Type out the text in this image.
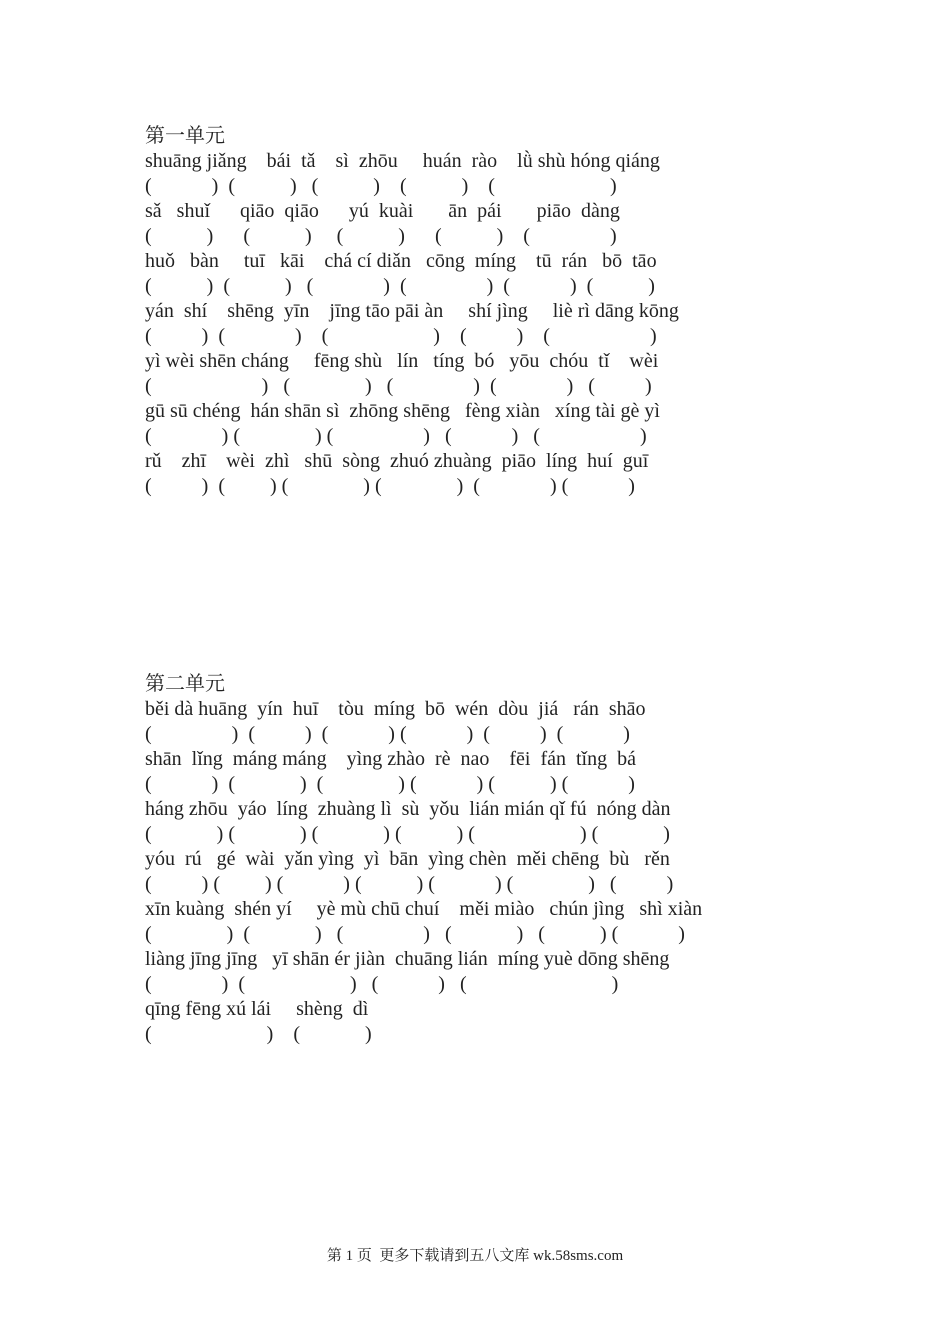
第一单元
shuāng jiǎng    bái  tǎ    sì  zhōu     huán  rào    lǜ shù hóng qiáng
(            )  (           )   (           )    (           )    (                       )
sǎ   shuǐ      qiāo  qiāo      yú  kuài       ān  pái       piāo  dàng
(           )      (           )     (           )      (           )    (                )
huǒ   bàn     tuī   kāi    chá cí diǎn   cōng  míng    tū  rán   bō  tāo
(           )  (           )   (              )  (                )  (            )  (           )
yán  shí    shēng  yīn    jīng tāo pāi àn     shí jìng     liè rì dāng kōng
(          )  (              )    (                     )    (          )    (                    )
yì wèi shēn cháng     fēng shù   lín   tíng  bó   yōu  chóu  tǐ    wèi
(                      )   (               )   (                )  (              )   (          )
gū sū chéng  hán shān sì  zhōng shēng   fèng xiàn   xíng tài gè yì
(              ) (               ) (                  )   (            )   (                    )
rǔ    zhī    wèi  zhì   shū  sòng  zhuó zhuàng  piāo  líng  huí  guī
(          )  (         ) (               ) (               )  (              ) (            )
第二单元
běi dà huāng  yín  huī    tòu  míng  bō  wén  dòu  jiá   rán  shāo
(                )  (          )  (            ) (            )  (          )  (            )
shān  lǐng  máng máng    yìng zhào  rè  nao    fēi  fán  tǐng  bá
(            )  (             )  (               ) (            ) (           ) (            )
háng zhōu  yáo  líng  zhuàng lì  sù  yǒu  lián mián qǐ fú  nóng dàn
(             ) (             ) (             ) (           ) (                     ) (             )
yóu  rú   gé  wài  yǎn yìng  yì  bān  yìng chèn  měi chēng  bù   rěn
(          ) (         ) (            ) (           ) (            ) (               )   (          )
xīn kuàng  shén yí     yè mù chū chuí    měi miào   chún jìng   shì xiàn
(               )  (             )   (                )   (             )   (           ) (            )
liàng jīng jīng   yī shān ér jiàn  chuāng lián  míng yuè dōng shēng
(              )  (                     )   (            )   (                             )
qīng fēng xú lái     shèng  dì
(                       )    (             )
第 1 页  更多下载请到五八文库 wk.58sms.com
